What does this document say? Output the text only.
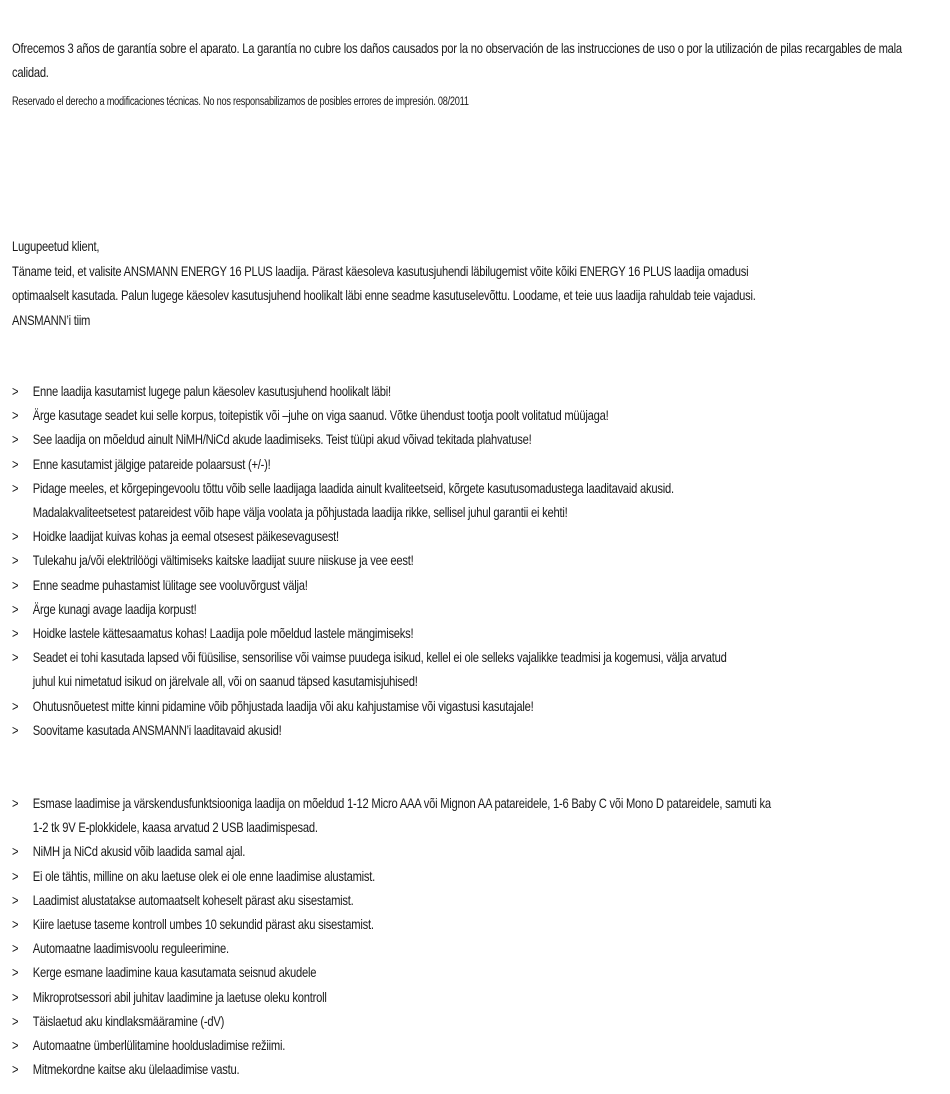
Ofrecemos 3 años de garantía sobre el aparato. La garantía no cubre los daños causados por la no observación de las instrucciones de uso o por la utilización de pilas recargables de mala calidad.
Reservado el derecho a modificaciones técnicas. No nos responsabilizamos de posibles errores de impresión. 08/2011

Lugupeetud klient,

Täname teid, et valisite ANSMANN ENERGY 16 PLUS laadija. Pärast käesoleva kasutusjuhendi läbilugemist võite kõiki ENERGY 16 PLUS laadija omadusi

optimaalselt kasutada. Palun lugege käesolev kasutusjuhend hoolikalt läbi enne seadme kasutuselevõttu. Loodame, et teie uus laadija rahuldab teie vajadusi.

ANSMANN’i tiim

> Enne laadija kasutamist lugege palun käesolev kasutusjuhend hoolikalt läbi!
> Ärge kasutage seadet kui selle korpus, toitepistik või –juhe on viga saanud. Võtke ühendust tootja poolt volitatud müüjaga!
> See laadija on mõeldud ainult NiMH/NiCd akude laadimiseks. Teist tüüpi akud võivad tekitada plahvatuse!
> Enne kasutamist jälgige patareide polaarsust (+/-)!
> Pidage meeles, et kõrgepingevoolu tõttu võib selle laadijaga laadida ainult kvaliteetseid, kõrgete kasutusomadustega laaditavaid akusid.
Madalakvaliteetsetest patareidest võib hape välja voolata ja põhjustada laadija rikke, sellisel juhul garantii ei kehti!
> Hoidke laadijat kuivas kohas ja eemal otsesest päikesevagusest!
> Tulekahu ja/või elektrilöögi vältimiseks kaitske laadijat suure niiskuse ja vee eest!
> Enne seadme puhastamist lülitage see vooluvõrgust välja!
> Ärge kunagi avage laadija korpust!
> Hoidke lastele kättesaamatus kohas! Laadija pole mõeldud lastele mängimiseks!
> Seadet ei tohi kasutada lapsed või füüsilise, sensorilise või vaimse puudega isikud, kellel ei ole selleks vajalikke teadmisi ja kogemusi, välja arvatud
juhul kui nimetatud isikud on järelvale all, või on saanud täpsed kasutamisjuhised!
> Ohutusnõuetest mitte kinni pidamine võib põhjustada laadija või aku kahjustamise või vigastusi kasutajale!
> Soovitame kasutada ANSMANN’i laaditavaid akusid!
> Esmase laadimise ja värskendusfunktsiooniga laadija on mõeldud 1-12 Micro AAA või Mignon AA patareidele, 1-6 Baby C või Mono D patareidele, samuti ka
1-2 tk 9V E-plokkidele, kaasa arvatud 2 USB laadimispesad.
> NiMH ja NiCd akusid võib laadida samal ajal.
> Ei ole tähtis, milline on aku laetuse olek ei ole enne laadimise alustamist.
> Laadimist alustatakse automaatselt koheselt pärast aku sisestamist.
> Kiire laetuse taseme kontroll umbes 10 sekundid pärast aku sisestamist.
> Automaatne laadimisvoolu reguleerimine.
> Kerge esmane laadimine kaua kasutamata seisnud akudele
> Mikroprotsessori abil juhitav laadimine ja laetuse oleku kontroll
> Täislaetud aku kindlaksmääramine (-dV)
> Automaatne ümberlülitamine hooldusladimise režiimi.
> Mitmekordne kaitse aku ülelaadimise vastu.
